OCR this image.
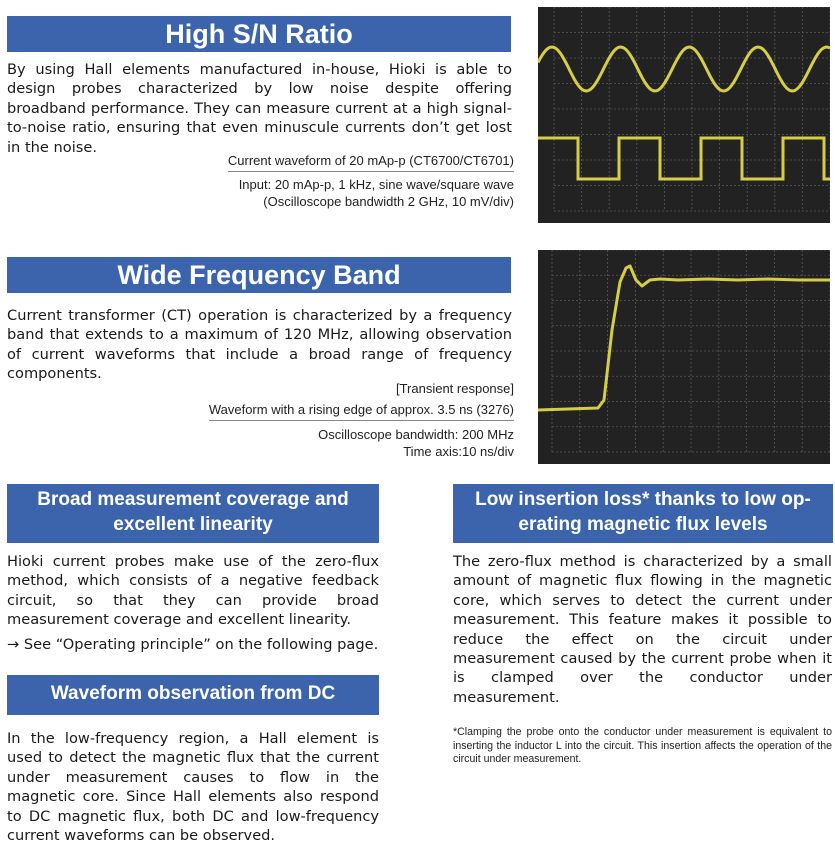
High S/N Ratio

By using Hall elements manufactured in-house, Hioki is able to design probes characterized by low noise despite offering broadband performance. They can measure current at a high signal-to-noise ratio, ensuring that even minuscule currents don’t get lost in the noise.

Current waveform of 20 mAp-p (CT6700/CT6701)
Input: 20 mAp-p, 1 kHz, sine wave/square wave
(Oscilloscope bandwidth 2 GHz, 10 mV/div)
Wide Frequency Band

Current transformer (CT) operation is characterized by a frequency band that extends to a maximum of 120 MHz, allowing observation of current waveforms that include a broad range of frequency components.

[Transient response]
Waveform with a rising edge of approx. 3.5 ns (3276)
Oscilloscope bandwidth: 200 MHz
Time axis:10 ns/div
Broad measurement coverage and
excellent linearity

Hioki current probes make use of the zero-flux method, which consists of a negative feedback circuit, so that they can provide broad measurement coverage and excellent linearity.

→ See “Operating principle” on the following page.
Waveform observation from DC

In the low-frequency region, a Hall element is used to detect the magnetic flux that the current under measurement causes to flow in the magnetic core. Since Hall elements also respond to DC magnetic flux, both DC and low-frequency current waveforms can be observed.

Low insertion loss* thanks to low op-
erating magnetic flux levels

The zero-flux method is characterized by a small amount of magnetic flux flowing in the magnetic core, which serves to detect the current under measurement. This feature makes it possible to reduce the effect on the circuit under measurement caused by the current probe when it is clamped over the conductor under measurement.

*Clamping the probe onto the conductor under measurement is equivalent to inserting the inductor L into the circuit. This insertion affects the operation of the circuit under measurement.
